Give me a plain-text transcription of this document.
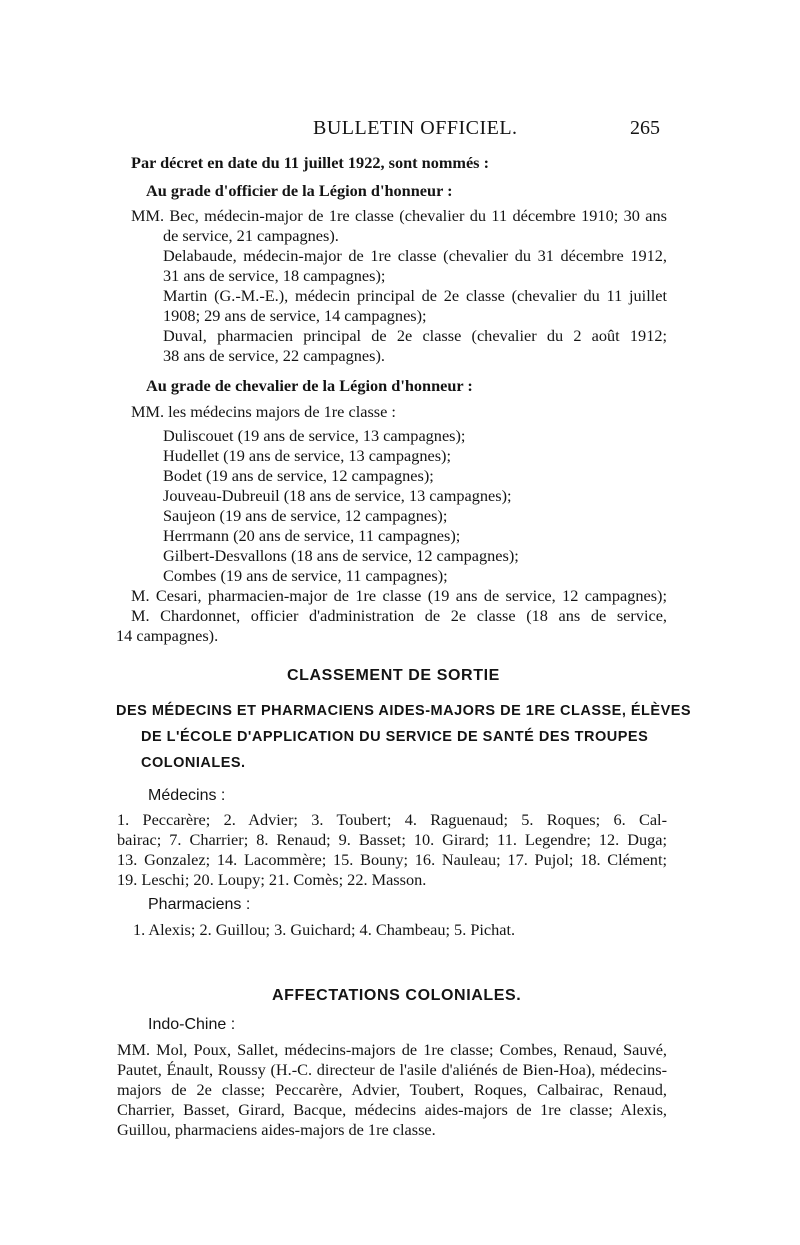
BULLETIN OFFICIEL.	265
Par décret en date du 11 juillet 1922, sont nommés :
Au grade d'officier de la Légion d'honneur :
MM. Bec, médecin-major de 1re classe (chevalier du 11 décembre 1910; 30 ans
de service, 21 campagnes).
Delabaude, médecin-major de 1re classe (chevalier du 31 décembre 1912,
31 ans de service, 18 campagnes);
Martin (G.-M.-E.), médecin principal de 2e classe (chevalier du 11 juillet
1908; 29 ans de service, 14 campagnes);
Duval, pharmacien principal de 2e classe (chevalier du 2 août 1912;
38 ans de service, 22 campagnes).
Au grade de chevalier de la Légion d'honneur :
MM. les médecins majors de 1re classe :
Duliscouet (19 ans de service, 13 campagnes);
Hudellet (19 ans de service, 13 campagnes);
Bodet (19 ans de service, 12 campagnes);
Jouveau-Dubreuil (18 ans de service, 13 campagnes);
Saujeon (19 ans de service, 12 campagnes);
Herrmann (20 ans de service, 11 campagnes);
Gilbert-Desvallons (18 ans de service, 12 campagnes);
Combes (19 ans de service, 11 campagnes);
M. Cesari, pharmacien-major de 1re classe (19 ans de service, 12 campagnes);
M. Chardonnet, officier d'administration de 2e classe (18 ans de service,
14 campagnes).
CLASSEMENT DE SORTIE
DES MÉDECINS ET PHARMACIENS AIDES-MAJORS DE 1RE CLASSE, ÉLÈVES
DE L'ÉCOLE D'APPLICATION DU SERVICE DE SANTÉ DES TROUPES
COLONIALES.
Médecins :
1. Peccarère; 2. Advier; 3. Toubert; 4. Raguenaud; 5. Roques; 6. Cal-
bairac; 7. Charrier; 8. Renaud; 9. Basset; 10. Girard; 11. Legendre; 12. Duga;
13. Gonzalez; 14. Lacommère; 15. Bouny; 16. Nauleau; 17. Pujol; 18. Clément;
19. Leschi; 20. Loupy; 21. Comès; 22. Masson.
Pharmaciens :
1. Alexis; 2. Guillou; 3. Guichard; 4. Chambeau; 5. Pichat.
AFFECTATIONS COLONIALES.
Indo-Chine :
MM. Mol, Poux, Sallet, médecins-majors de 1re classe; Combes, Renaud, Sauvé,
Pautet, Énault, Roussy (H.-C. directeur de l'asile d'aliénés de Bien-Hoa), médecins-
majors de 2e classe; Peccarère, Advier, Toubert, Roques, Calbairac, Renaud,
Charrier, Basset, Girard, Bacque, médecins aides-majors de 1re classe; Alexis,
Guillou, pharmaciens aides-majors de 1re classe.
